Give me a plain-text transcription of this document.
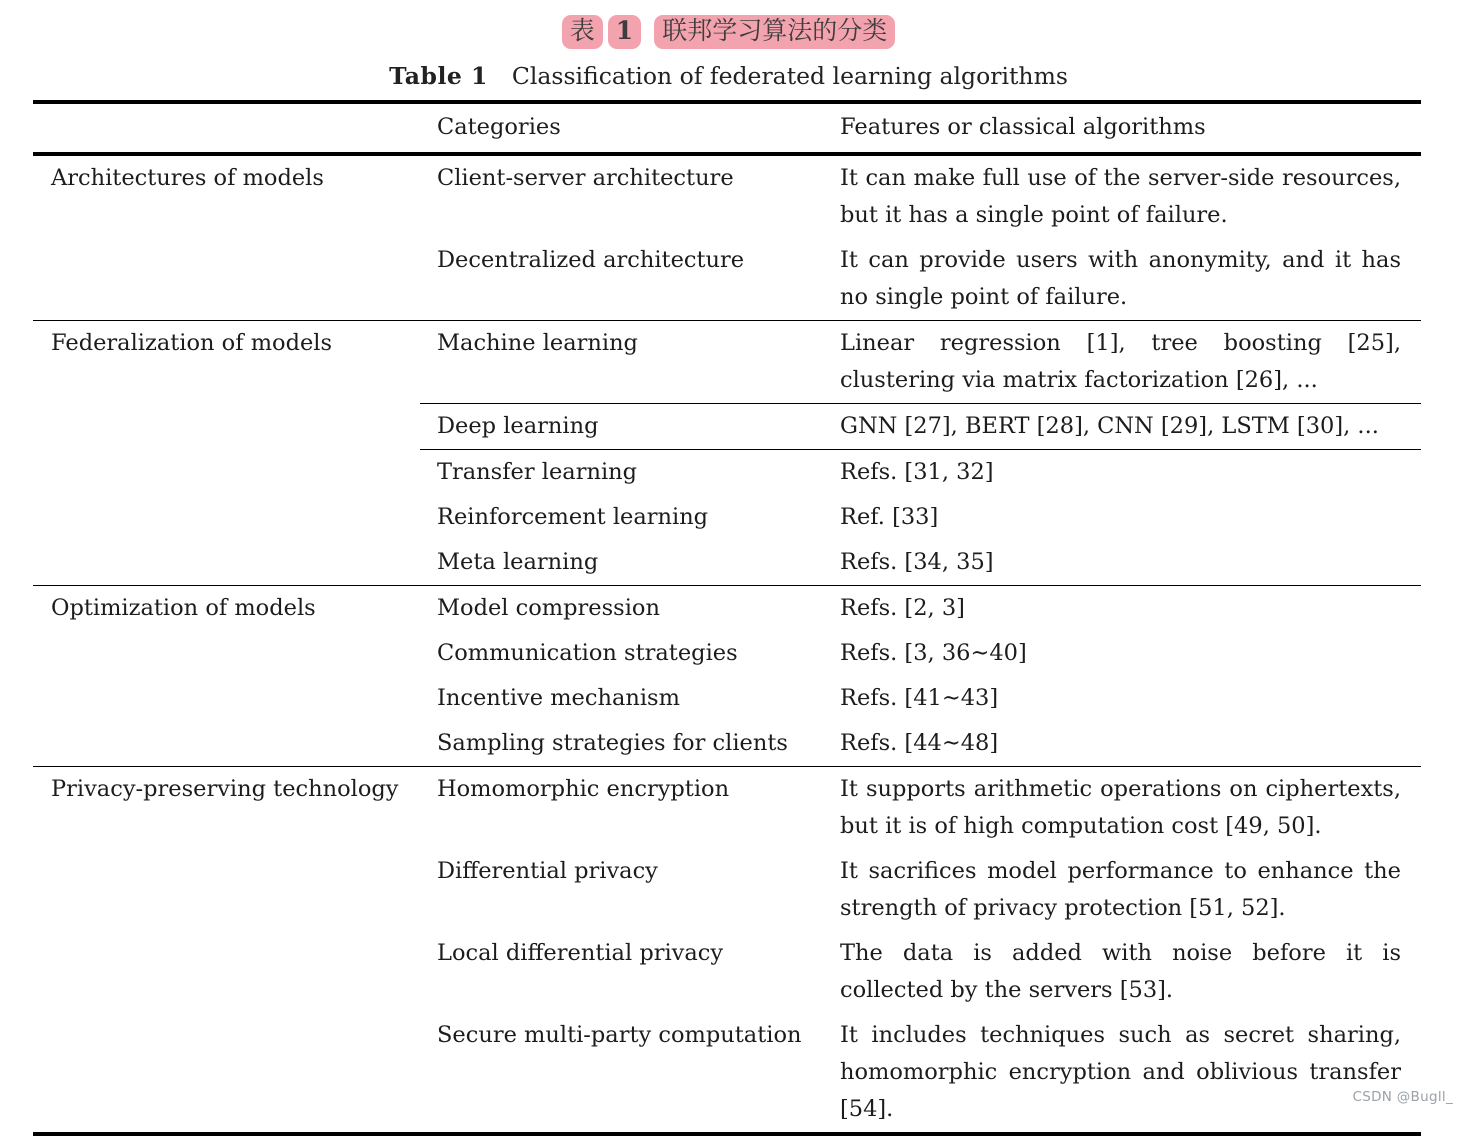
表 1	联邦学习算法的分类
Table 1 Classification of federated learning algorithms
Categories	Features or classical algorithms
Architectures of models	Client-server architecture	It can make full use of the server-side resources, but it has a single point of failure.
Decentralized architecture	It can provide users with anonymity, and it has no single point of failure.
Federalization of models	Machine learning	Linear regression [1], tree boosting [25], clustering via matrix factorization [26], ...
Deep learning	GNN [27], BERT [28], CNN [29], LSTM [30], ...
Transfer learning	Refs. [31, 32]
Reinforcement learning	Ref. [33]
Meta learning	Refs. [34, 35]
Optimization of models	Model compression	Refs. [2, 3]
Communication strategies	Refs. [3, 36∼40]
Incentive mechanism	Refs. [41∼43]
Sampling strategies for clients	Refs. [44∼48]
Privacy-preserving technology	Homomorphic encryption	It supports arithmetic operations on ciphertexts, but it is of high computation cost [49, 50].
Differential privacy	It sacrifices model performance to enhance the strength of privacy protection [51, 52].
Local differential privacy	The data is added with noise before it is collected by the servers [53].
Secure multi-party computation	It includes techniques such as secret sharing, homomorphic encryption and oblivious transfer [54].	CSDN @Bugll_
